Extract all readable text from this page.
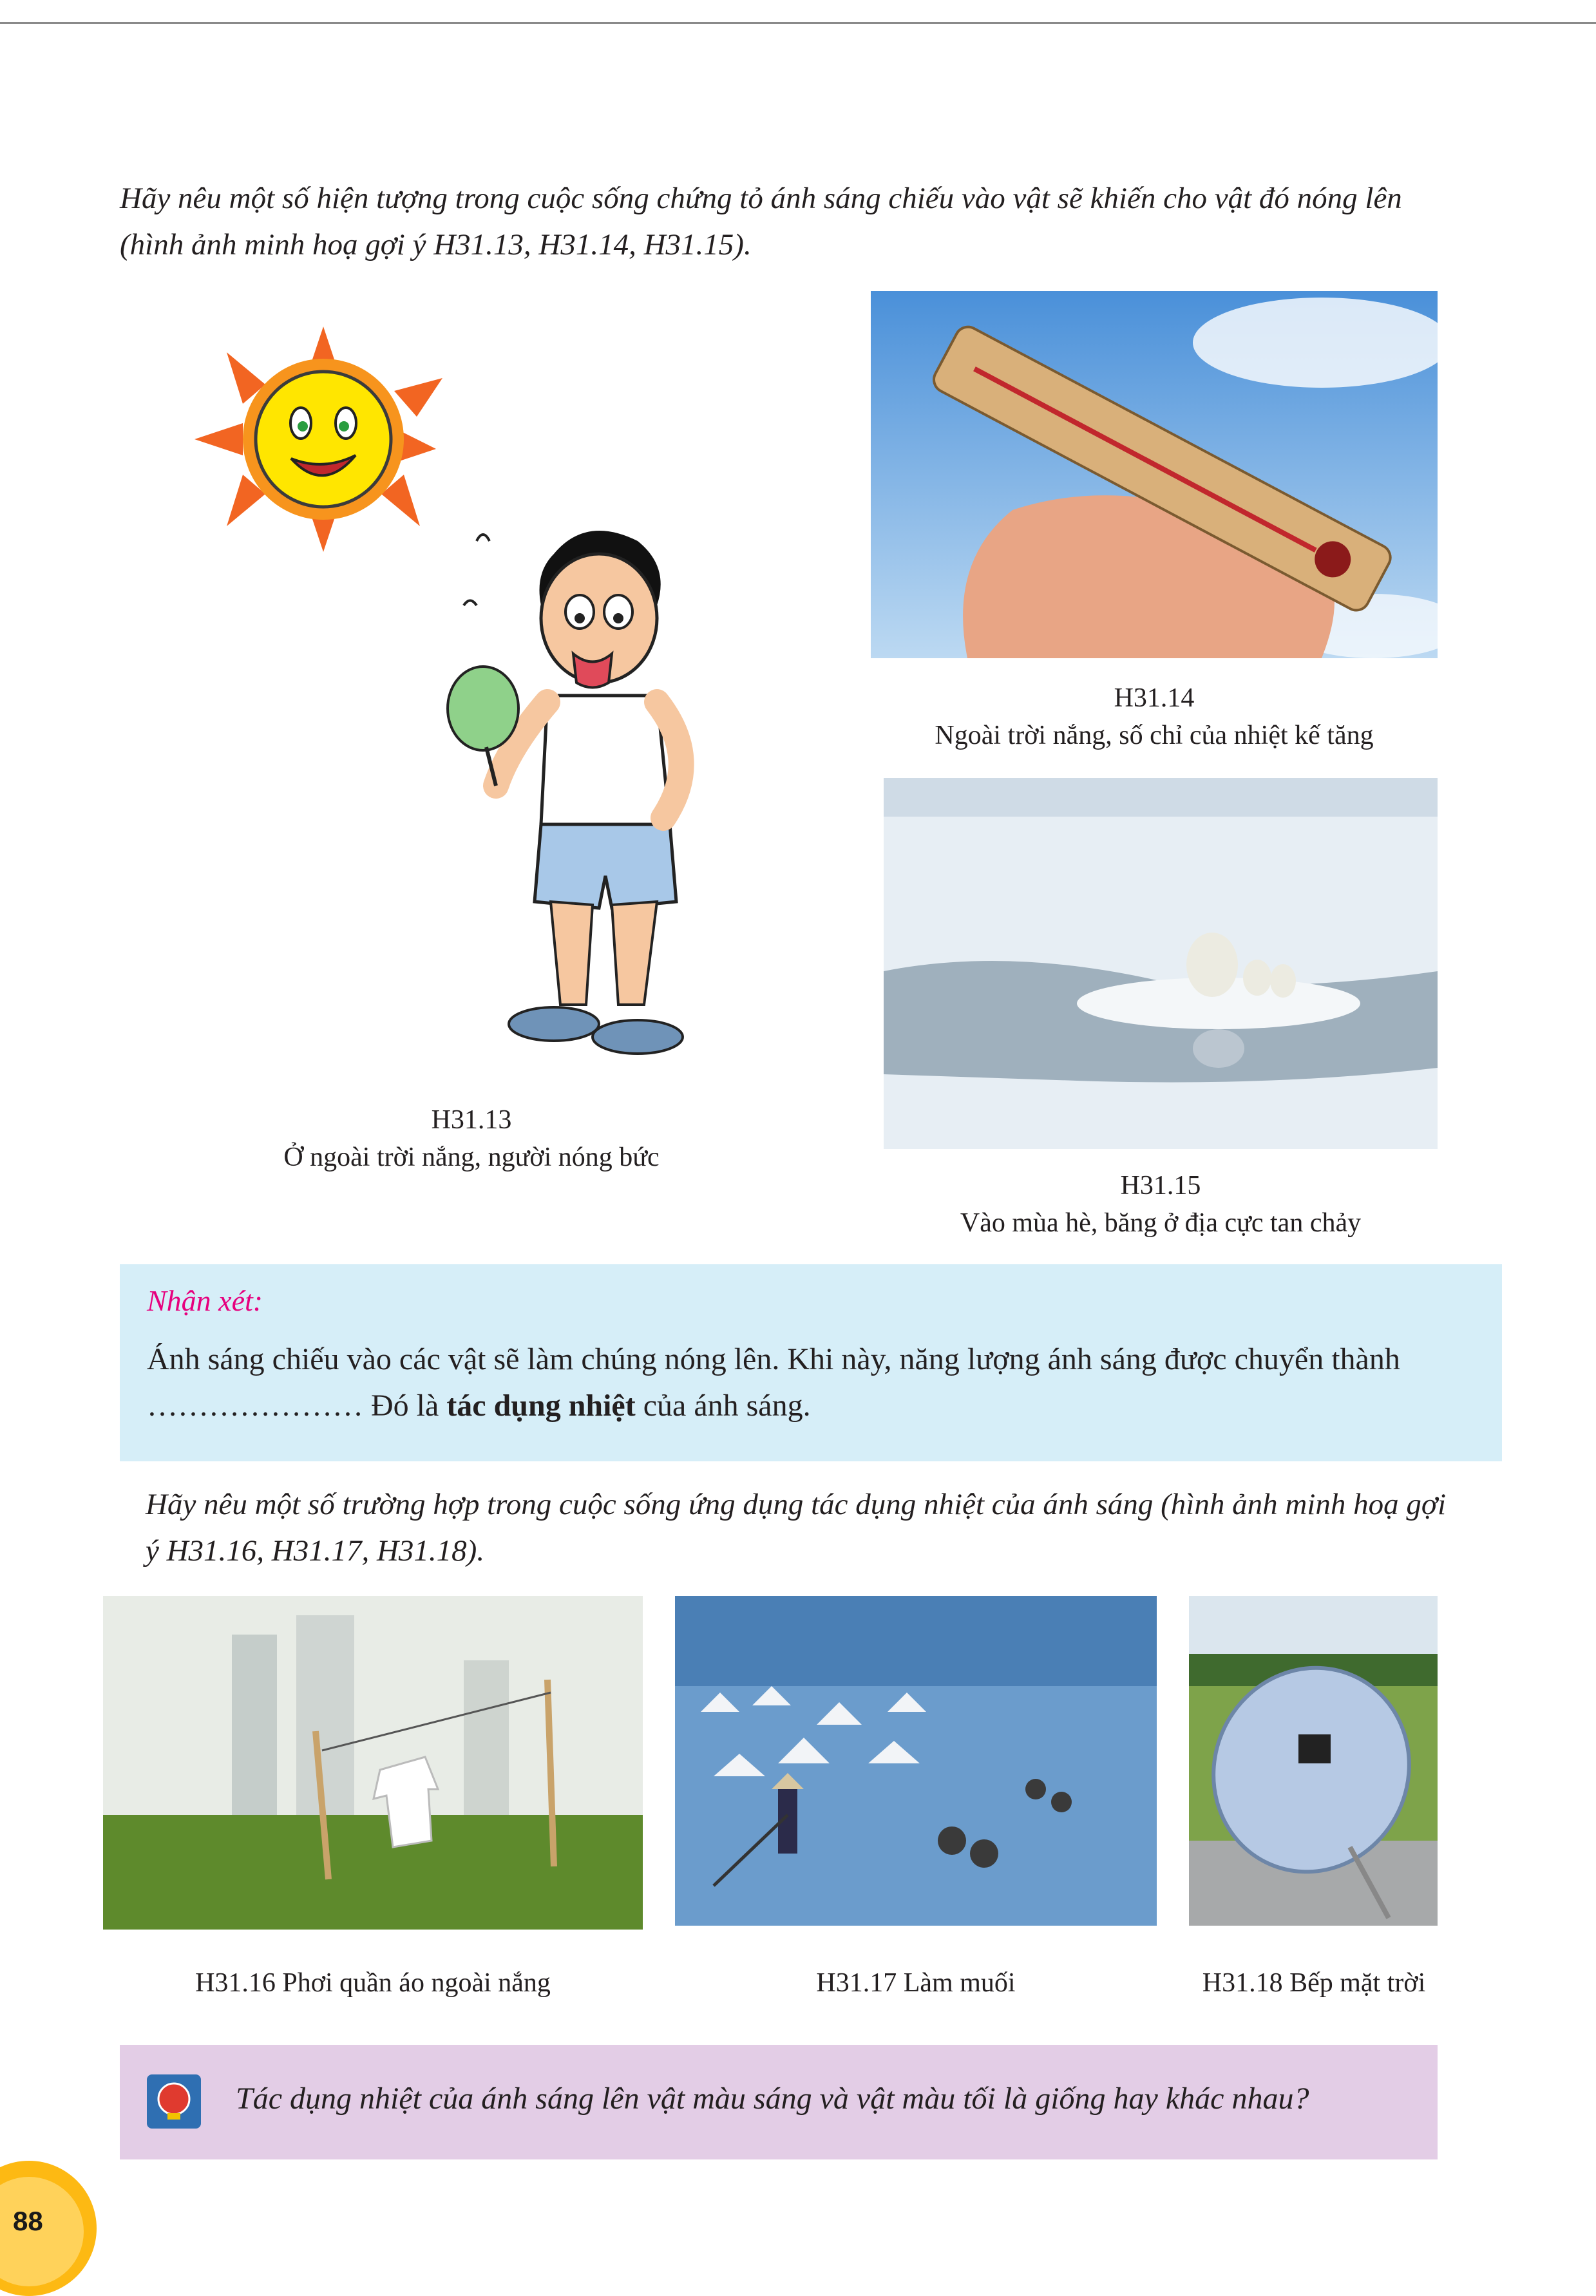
Hãy nêu một số hiện tượng trong cuộc sống chứng tỏ ánh sáng chiếu vào vật sẽ khiến cho vật đó nóng lên (hình ảnh minh hoạ gợi ý H31.13, H31.14, H31.15).

H31.13

Ở ngoài trời nắng, người nóng bức

H31.14

Ngoài trời nắng, số chỉ của nhiệt kế tăng

H31.15

Vào mùa hè, băng ở địa cực tan chảy

Nhận xét:
Ánh sáng chiếu vào các vật sẽ làm chúng nóng lên. Khi này, năng lượng ánh sáng được chuyển thành ………………… Đó là tác dụng nhiệt của ánh sáng.

Hãy nêu một số trường hợp trong cuộc sống ứng dụng tác dụng nhiệt của ánh sáng (hình ảnh minh hoạ gợi ý H31.16, H31.17, H31.18).

H31.16 Phơi quần áo ngoài nắng	H31.17 Làm muối	H31.18 Bếp mặt trời
Tác dụng nhiệt của ánh sáng lên vật màu sáng và vật màu tối là giống hay khác nhau?
88
